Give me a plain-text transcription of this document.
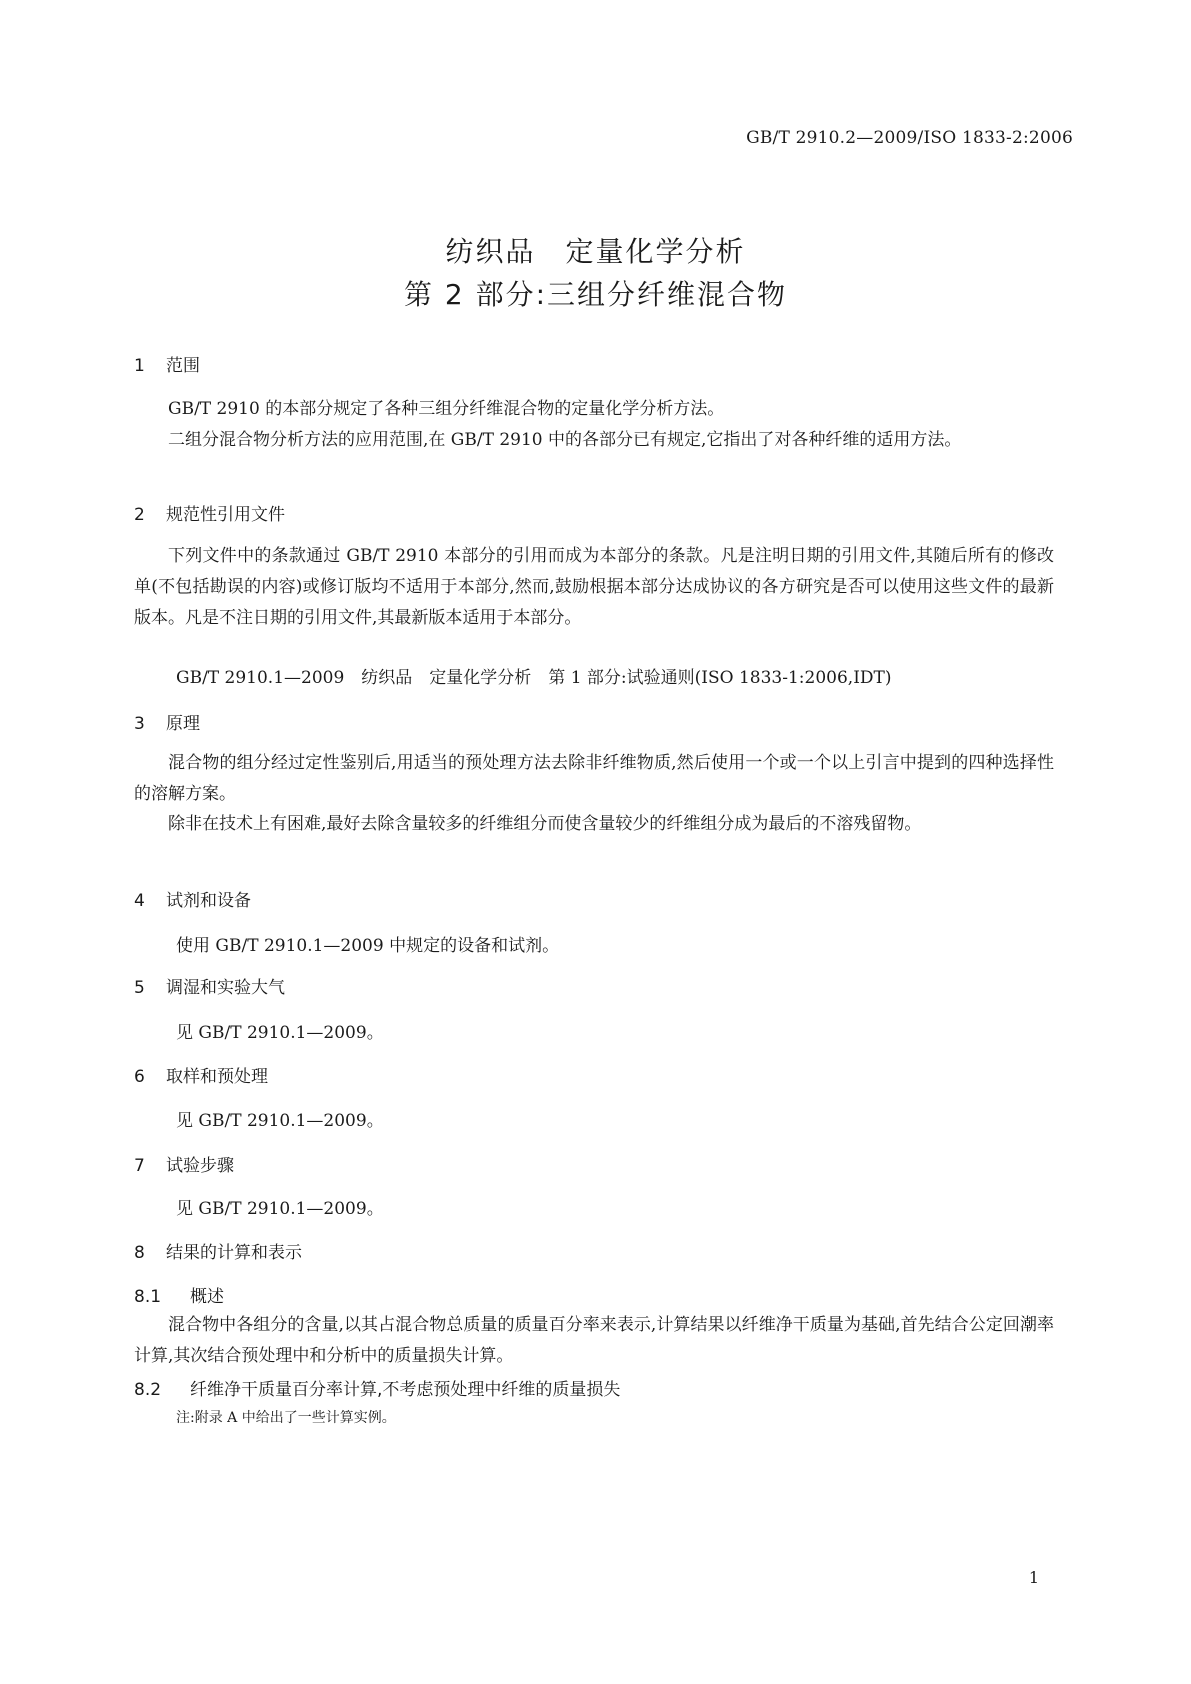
GB/T 2910.2—2009/ISO 1833-2:2006
纺织品　定量化学分析
第 2 部分:三组分纤维混合物
1 范围
GB/T 2910 的本部分规定了各种三组分纤维混合物的定量化学分析方法。
二组分混合物分析方法的应用范围,在 GB/T 2910 中的各部分已有规定,它指出了对各种纤维的适用方法。
2 规范性引用文件
下列文件中的条款通过 GB/T 2910 本部分的引用而成为本部分的条款。凡是注明日期的引用文件,其随后所有的修改单(不包括勘误的内容)或修订版均不适用于本部分,然而,鼓励根据本部分达成协议的各方研究是否可以使用这些文件的最新版本。凡是不注日期的引用文件,其最新版本适用于本部分。
GB/T 2910.1—2009　纺织品　定量化学分析　第 1 部分:试验通则(ISO 1833-1:2006,IDT)
3 原理
混合物的组分经过定性鉴别后,用适当的预处理方法去除非纤维物质,然后使用一个或一个以上引言中提到的四种选择性的溶解方案。
除非在技术上有困难,最好去除含量较多的纤维组分而使含量较少的纤维组分成为最后的不溶残留物。
4 试剂和设备
使用 GB/T 2910.1—2009 中规定的设备和试剂。
5 调湿和实验大气
见 GB/T 2910.1—2009。
6 取样和预处理
见 GB/T 2910.1—2009。
7 试验步骤
见 GB/T 2910.1—2009。
8 结果的计算和表示
8.1 概述
混合物中各组分的含量,以其占混合物总质量的质量百分率来表示,计算结果以纤维净干质量为基础,首先结合公定回潮率计算,其次结合预处理中和分析中的质量损失计算。
8.2 纤维净干质量百分率计算,不考虑预处理中纤维的质量损失
注:附录 A 中给出了一些计算实例。
1
